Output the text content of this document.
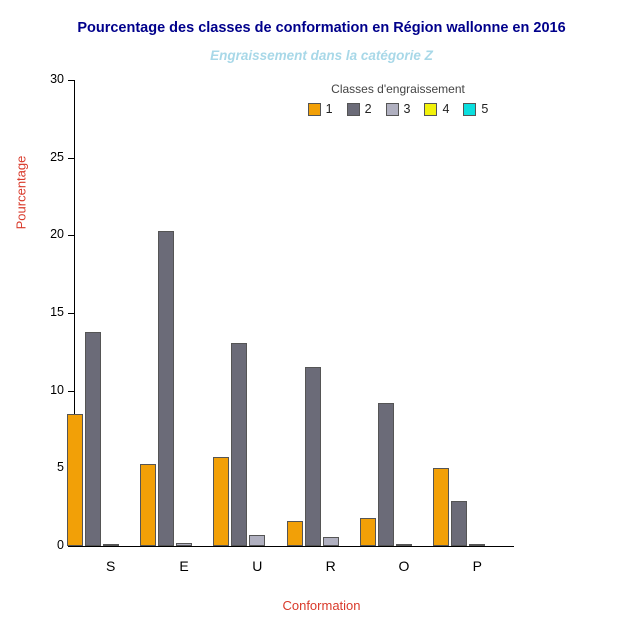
Pourcentage des classes de conformation en Région wallonne en 2016
Engraissement dans la catégorie Z
0
5
10
15
20
25
30
S	E	U	R	O	P
Pourcentage
Conformation
Classes d'engraissement
1	2	3	4	5
